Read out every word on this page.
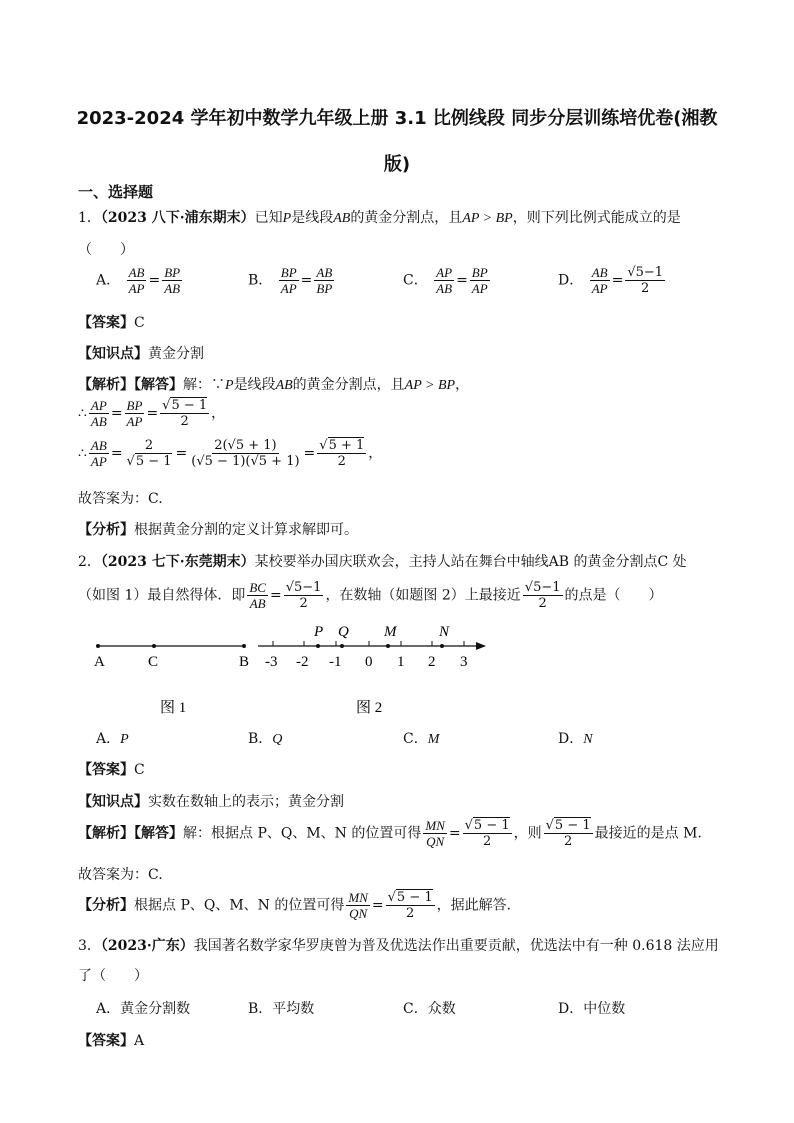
2023-2024 学年初中数学九年级上册 3.1 比例线段 同步分层训练培优卷(湘教
版)
一、选择题
1．（2023 八下·浦东期末）已知P是线段AB的黄金分割点，且AP > BP，则下列比例式能成立的是
（　　）
A． $\frac{AB}{AP} = \frac{BP}{AB}$	B． $\frac{BP}{AP} = \frac{AB}{BP}$	C． $\frac{AP}{AB} = \frac{BP}{AP}$	D． $\frac{AB}{AP} = \frac{√5-1}{2}$
【答案】C
【知识点】黄金分割
【解析】【解答】解：∵P是线段AB的黄金分割点，且AP > BP，
∴ $\frac{AP}{AB} = \frac{BP}{AP} = \frac{√5 - 1}{2}$ ，
∴ $\frac{AB}{AP} = \frac{2}{√5 - 1} = \frac{2(√5 + 1)}{(√5 - 1)(√5 + 1)} = \frac{√5 + 1}{2}$ ，
故答案为：C.
【分析】根据黄金分割的定义计算求解即可。
2．（2023 七下·东莞期末）某校要举办国庆联欢会，主持人站在舞台中轴线AB 的黄金分割点C 处
（如图 1）最自然得体．即 $\frac{BC}{AB} = \frac{√5-1}{2}$ ，在数轴（如题图 2）上最接近 $\frac{√5-1}{2}$ 的点是（　　）
A	C	B
图 1
P Q M	N
-3 -2 -1 0 1 2 3
图 2
A．P	B．Q	C．M	D．N
【答案】C
【知识点】实数在数轴上的表示；黄金分割
【解析】【解答】解：根据点 P、Q、M、N 的位置可得 $\frac{MN}{QN} = \frac{√5 - 1}{2}$ ，则 $\frac{√5 - 1}{2}$ 最接近的是点 M.
故答案为：C.
【分析】根据点 P、Q、M、N 的位置可得 $\frac{MN}{QN} = \frac{√5 - 1}{2}$ ，据此解答.
3．（2023·广东）我国著名数学家华罗庚曾为普及优选法作出重要贡献，优选法中有一种 0.618 法应用
了（　　）
A．黄金分割数	B．平均数	C．众数	D．中位数
【答案】A
